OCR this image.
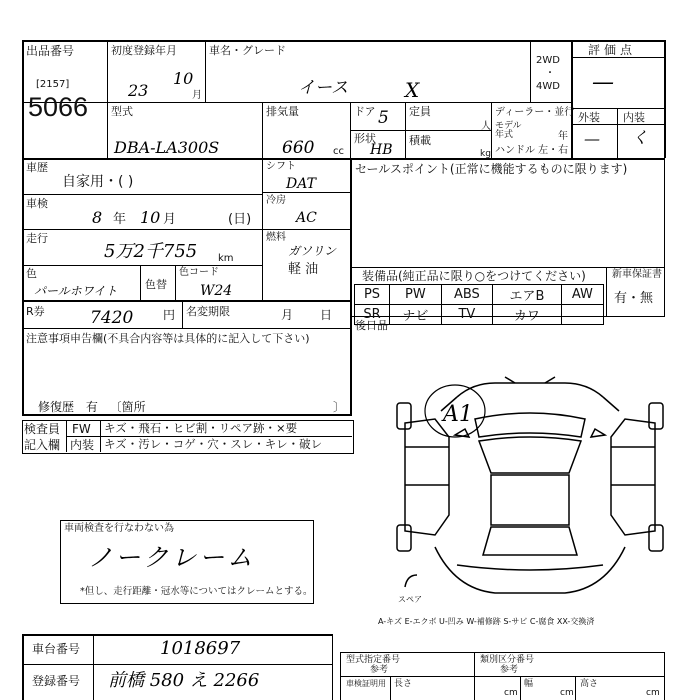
出品番号
[2157]
5066
初度登録年月
23
10
月
車名・グレード
イース	X
2WD
・
4WD
評価点
—
外装 内装
— く
型式
DBA-LA300S
排気量
660 cc
ドア 5
形状
HB
定員
人
積載
kg
ディーラー・並行
モデル年式	年
ハンドル 左・右
車歴
自家用・( )
車検
8 年 10 月	(日)
走行
5万2千755 km
シフト
DAT
冷房
AC
燃料
ガソリン
軽 油
色
パールホワイト	色替
色コード
W24
R券	7420 円 名変期限	月 日
セールスポイント(正常に機能するものに限ります)
装備品(純正品に限り○をつけてください)	新車保証書
有・無
PS	PW	ABS	エアB	AW
SR	ナビ	TV	カワ	
後日品
注意事項申告欄(不具合内容等は具体的に記入して下さい)
修復歴 有 〔箇所	〕
検査員
記入欄
FW キズ・飛石・ヒビ割・リペア跡・×要
内装 キズ・汚レ・コゲ・穴・スレ・キレ・破レ
車両検査を行なわない為
ノークレーム
*但し、走行距離・冠水等についてはクレームとする。
A1
スペア
A-キズ E-エクボ U-凹み W-補修跡 S-サビ C-腐食 XX-交換済
車台番号	1018697
登録番号 前橋 580 え 2266
型式指定番号
参考
類別区分番号
参考
車検証明用 長さ
cm
幅
cm
高さ
cm
